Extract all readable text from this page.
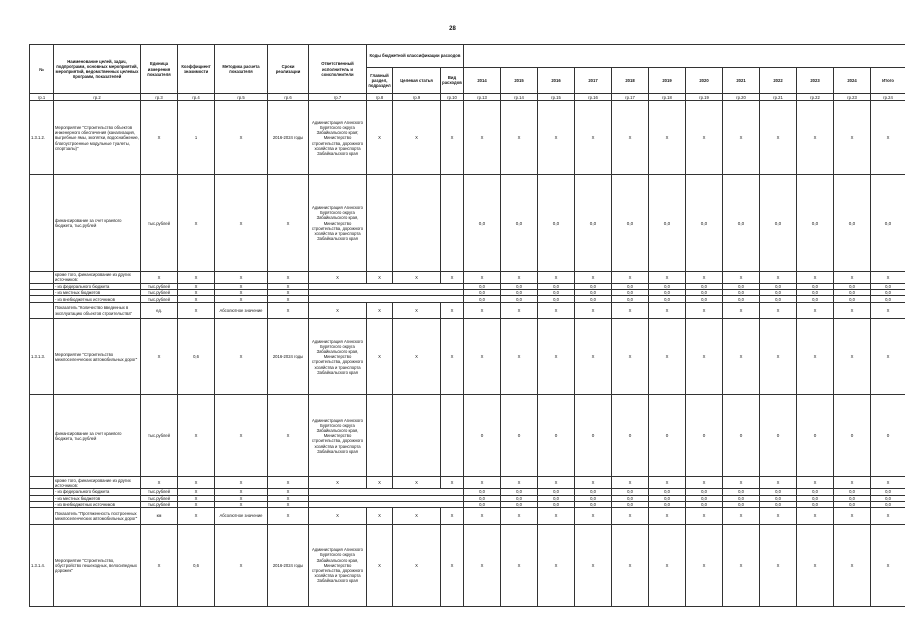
28
№	Наименование целей, задач, подпрограмм, основных мероприятий, мероприятий, ведомственных целевых программ, показателей	Единица измерения показателя	Коэффициент значимости	Методика расчета показателя	Сроки реализации	Ответственный исполнитель и соисполнители	Коды бюджетной классификации расходов														
							Главный раздел, подраздел	Целевая статья	Вид расходов	2014	2015	2016	2017	2018	2019	2020	2021	2022	2023	2024	Итого
гр.1	гр.2	гр.3	гр.4	гр.5	гр.6	гр.7	гр.8	гр.9	гр.10	гр.13	гр.14	гр.15	гр.16	гр.17	гр.18	гр.19	гр.20	гр.21	гр.22	гр.23	гр.24
1.3.1.2.	Мероприятие "Строительство объектов инженерного обеспечения (канализация, выгребные ямы, экопятки, водоснабжение, благоустроенные модульные туалеты, спортзалы)"	Х	1	Х	2016-2024 годы	Администрация Агинского Бурятского округа Забайкальского края; Министерство строительства, дорожного хозяйства и транспорта Забайкальского края	Х	Х	Х	Х	Х	Х	Х	Х	Х	Х	Х	Х	Х	Х	Х
	финансирование за счет краевого бюджета, тыс.рублей	тыс.рублей	Х	Х	Х	Администрация Агинского Бурятского округа Забайкальского края, Министерство строительства, дорожного хозяйства и транспорта Забайкальского края				0,0	0,0	0,0	0,0	0,0	0,0	0,0	0,0	0,0	0,0	0,0	0,0
	кроме того, финансирование из других источников:	Х	Х	Х	Х	Х	Х	Х	Х	Х	Х	Х	Х	Х	Х	Х	Х	Х	Х	Х	Х
	- из федерального бюджета	тыс.рублей	Х	Х	Х					0,0	0,0	0,0	0,0	0,0	0,0	0,0	0,0	0,0	0,0	0,0	0,0
	- из местных бюджетов	тыс.рублей	Х	Х	Х					0,0	0,0	0,0	0,0	0,0	0,0	0,0	0,0	0,0	0,0	0,0	0,0
	- из внебюджетных источников	тыс.рублей	Х	Х	Х					0,0	0,0	0,0	0,0	0,0	0,0	0,0	0,0	0,0	0,0	0,0	0,0
	Показатель "Количество введенных в эксплуатацию объектов строительства"	ед.	Х	Абсолютное значение	Х	Х	Х	Х	Х	Х	Х	Х	Х	Х	Х	Х	Х	Х	Х	Х	Х
1.3.1.3.	Мероприятие "Строительство межпоселенческих автомобильных дорог"	Х	0,6	Х	2016-2024 годы	Администрация Агинского Бурятского округа Забайкальского края, Министерство строительства, дорожного хозяйства и транспорта Забайкальского края	Х	Х	Х	Х	Х	Х	Х	Х	Х	Х	Х	Х	Х	Х	Х
	финансирование за счет краевого бюджета, тыс.рублей	тыс.рублей	Х	Х	Х	Администрация Агинского Бурятского округа Забайкальского края, Министерство строительства, дорожного хозяйства и транспорта Забайкальского края				0	0	0	0	0	0	0	0	0	0	0	0
	кроме того, финансирование из других источников:	Х	Х	Х	Х	Х	Х	Х	Х	Х	Х	Х	Х	Х	Х	Х	Х	Х	Х	Х	Х
	- из федерального бюджета	тыс.рублей	Х	Х	Х					0,0	0,0	0,0	0,0	0,0	0,0	0,0	0,0	0,0	0,0	0,0	0,0
	- из местных бюджетов	тыс.рублей	Х	Х	Х					0,0	0,0	0,0	0,0	0,0	0,0	0,0	0,0	0,0	0,0	0,0	0,0
	- из внебюджетных источников	тыс.рублей	Х	Х	Х					0,0	0,0	0,0	0,0	0,0	0,0	0,0	0,0	0,0	0,0	0,0	0,0
	Показатель "Протяженность построенных межпоселенческих автомобильных дорог"	км	Х	Абсолютное значение	Х	Х	Х	Х	Х	Х	Х	Х	Х	Х	Х	Х	Х	Х	Х	Х	Х
1.3.1.4.	Мероприятие "Строительство, обустройство пешеходных, велосипедных дорожек"	Х	0,6	Х	2016-2024 годы	Администрация Агинского Бурятского округа Забайкальского края, Министерство строительства, дорожного хозяйства и транспорта Забайкальского края	Х	Х	Х	Х	Х	Х	Х	Х	Х	Х	Х	Х	Х	Х	Х
